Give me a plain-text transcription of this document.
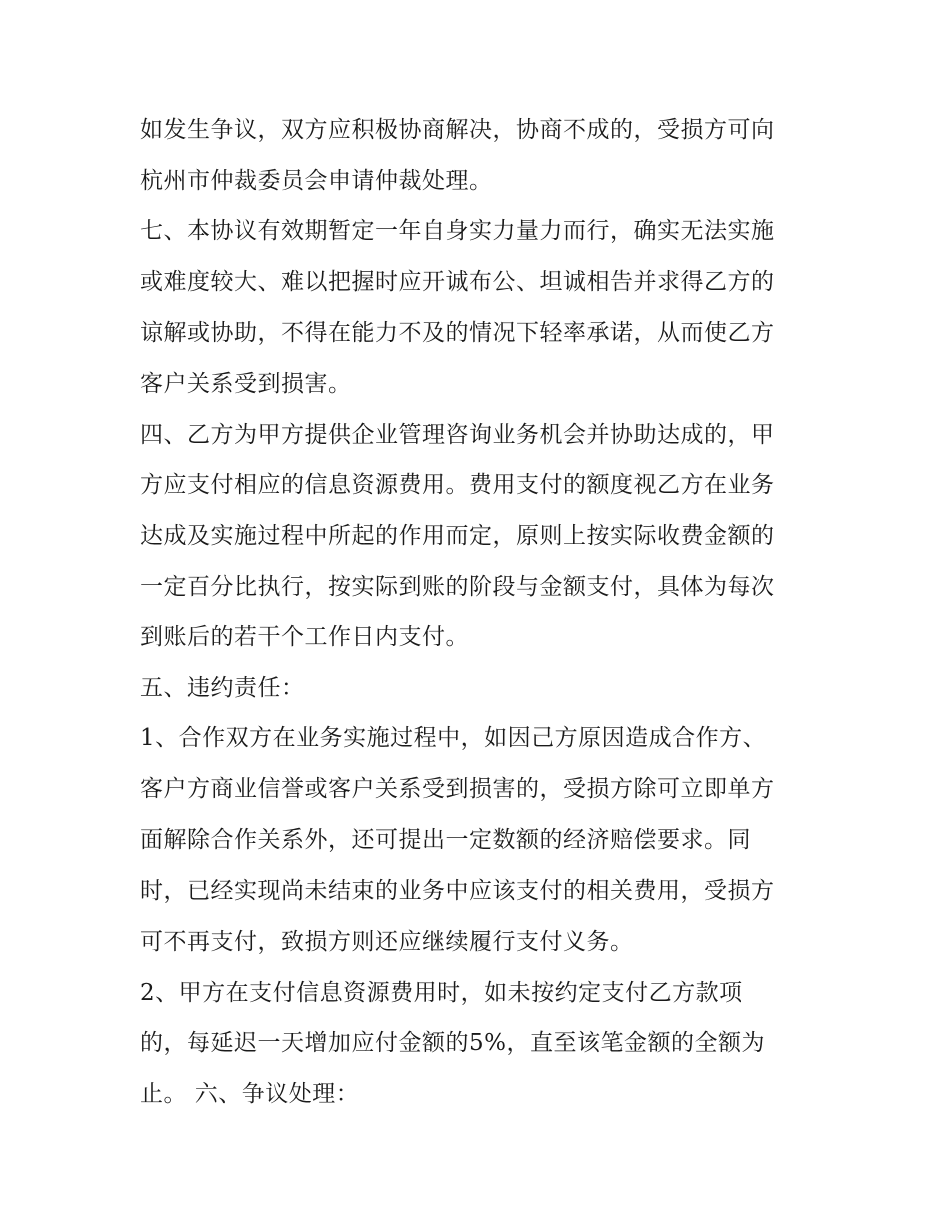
如发生争议，双方应积极协商解决，协商不成的，受损方可向
杭州市仲裁委员会申请仲裁处理。
七、本协议有效期暂定一年自身实力量力而行，确实无法实施
或难度较大、难以把握时应开诚布公、坦诚相告并求得乙方的
谅解或协助，不得在能力不及的情况下轻率承诺，从而使乙方
客户关系受到损害。
四、乙方为甲方提供企业管理咨询业务机会并协助达成的，甲
方应支付相应的信息资源费用。费用支付的额度视乙方在业务
达成及实施过程中所起的作用而定，原则上按实际收费金额的
一定百分比执行，按实际到账的阶段与金额支付，具体为每次
到账后的若干个工作日内支付。
五、违约责任：
1、合作双方在业务实施过程中，如因己方原因造成合作方、
客户方商业信誉或客户关系受到损害的，受损方除可立即单方
面解除合作关系外，还可提出一定数额的经济赔偿要求。同
时，已经实现尚未结束的业务中应该支付的相关费用，受损方
可不再支付，致损方则还应继续履行支付义务。
2、甲方在支付信息资源费用时，如未按约定支付乙方款项
的，每延迟一天增加应付金额的5%，直至该笔金额的全额为
止。 六、争议处理：
